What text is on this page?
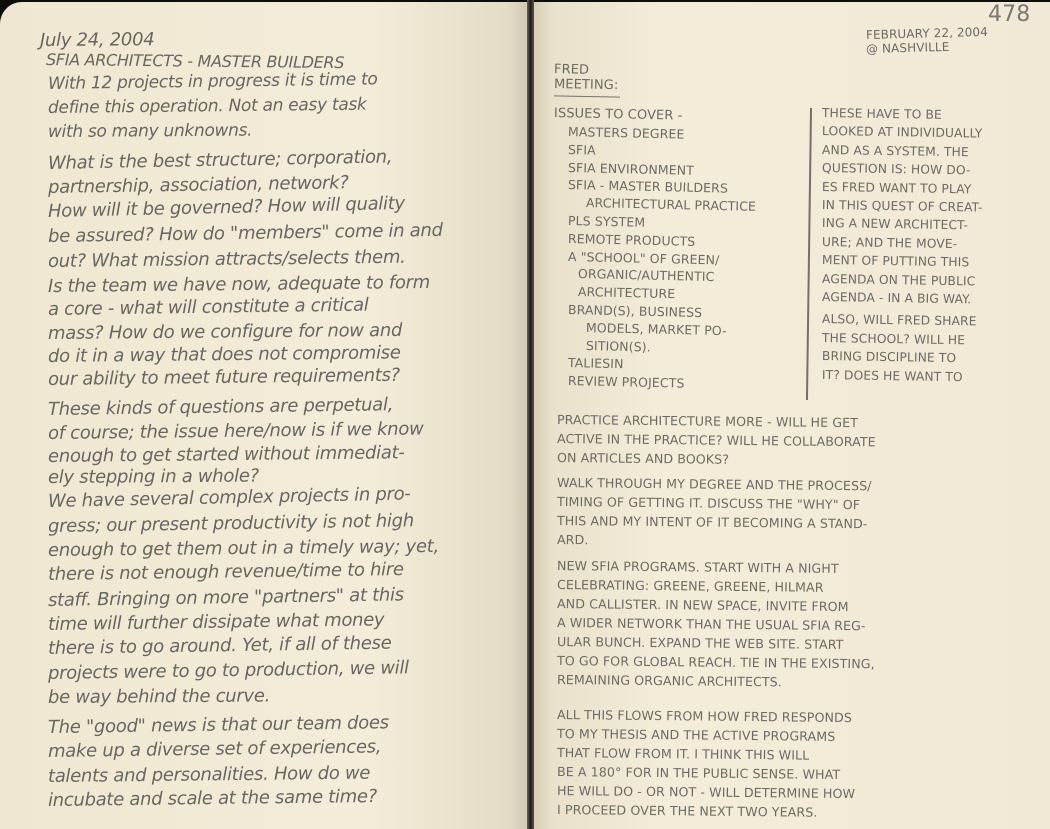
July 24, 2004

SFIA ARCHITECTS - MASTER BUILDERS

With 12 projects in progress it is time to

define this operation. Not an easy task

with so many unknowns.

What is the best structure; corporation,

partnership, association, network?

How will it be governed? How will quality

be assured? How do "members" come in and

out? What mission attracts/selects them.

Is the team we have now, adequate to form

a core - what will constitute a critical

mass? How do we configure for now and

do it in a way that does not compromise

our ability to meet future requirements?

These kinds of questions are perpetual,

of course; the issue here/now is if we know

enough to get started without immediat-

ely stepping in a whole?

We have several complex projects in pro-

gress; our present productivity is not high

enough to get them out in a timely way; yet,

there is not enough revenue/time to hire

staff. Bringing on more "partners" at this

time will further dissipate what money

there is to go around. Yet, if all of these

projects were to go to production, we will

be way behind the curve.

The "good" news is that our team does

make up a diverse set of experiences,

talents and personalities. How do we

incubate and scale at the same time?

478

FEBRUARY 22, 2004

@ NASHVILLE

FRED

MEETING:

ISSUES TO COVER -

MASTERS DEGREE

SFIA

SFIA ENVIRONMENT

SFIA - MASTER BUILDERS

ARCHITECTURAL PRACTICE

PLS SYSTEM

REMOTE PRODUCTS

A "SCHOOL" OF GREEN/

ORGANIC/AUTHENTIC

ARCHITECTURE

BRAND(S), BUSINESS

MODELS, MARKET PO-

SITION(S).

TALIESIN

REVIEW PROJECTS

THESE HAVE TO BE

LOOKED AT INDIVIDUALLY

AND AS A SYSTEM. THE

QUESTION IS: HOW DO-

ES FRED WANT TO PLAY

IN THIS QUEST OF CREAT-

ING A NEW ARCHITECT-

URE; AND THE MOVE-

MENT OF PUTTING THIS

AGENDA ON THE PUBLIC

AGENDA - IN A BIG WAY.

ALSO, WILL FRED SHARE

THE SCHOOL? WILL HE

BRING DISCIPLINE TO

IT? DOES HE WANT TO

PRACTICE ARCHITECTURE MORE - WILL HE GET

ACTIVE IN THE PRACTICE? WILL HE COLLABORATE

ON ARTICLES AND BOOKS?

WALK THROUGH MY DEGREE AND THE PROCESS/

TIMING OF GETTING IT. DISCUSS THE "WHY" OF

THIS AND MY INTENT OF IT BECOMING A STAND-

ARD.

NEW SFIA PROGRAMS. START WITH A NIGHT

CELEBRATING: GREENE, GREENE, HILMAR

AND CALLISTER. IN NEW SPACE, INVITE FROM

A WIDER NETWORK THAN THE USUAL SFIA REG-

ULAR BUNCH. EXPAND THE WEB SITE. START

TO GO FOR GLOBAL REACH. TIE IN THE EXISTING,

REMAINING ORGANIC ARCHITECTS.

ALL THIS FLOWS FROM HOW FRED RESPONDS

TO MY THESIS AND THE ACTIVE PROGRAMS

THAT FLOW FROM IT. I THINK THIS WILL

BE A 180° FOR IN THE PUBLIC SENSE. WHAT

HE WILL DO - OR NOT - WILL DETERMINE HOW

I PROCEED OVER THE NEXT TWO YEARS.
